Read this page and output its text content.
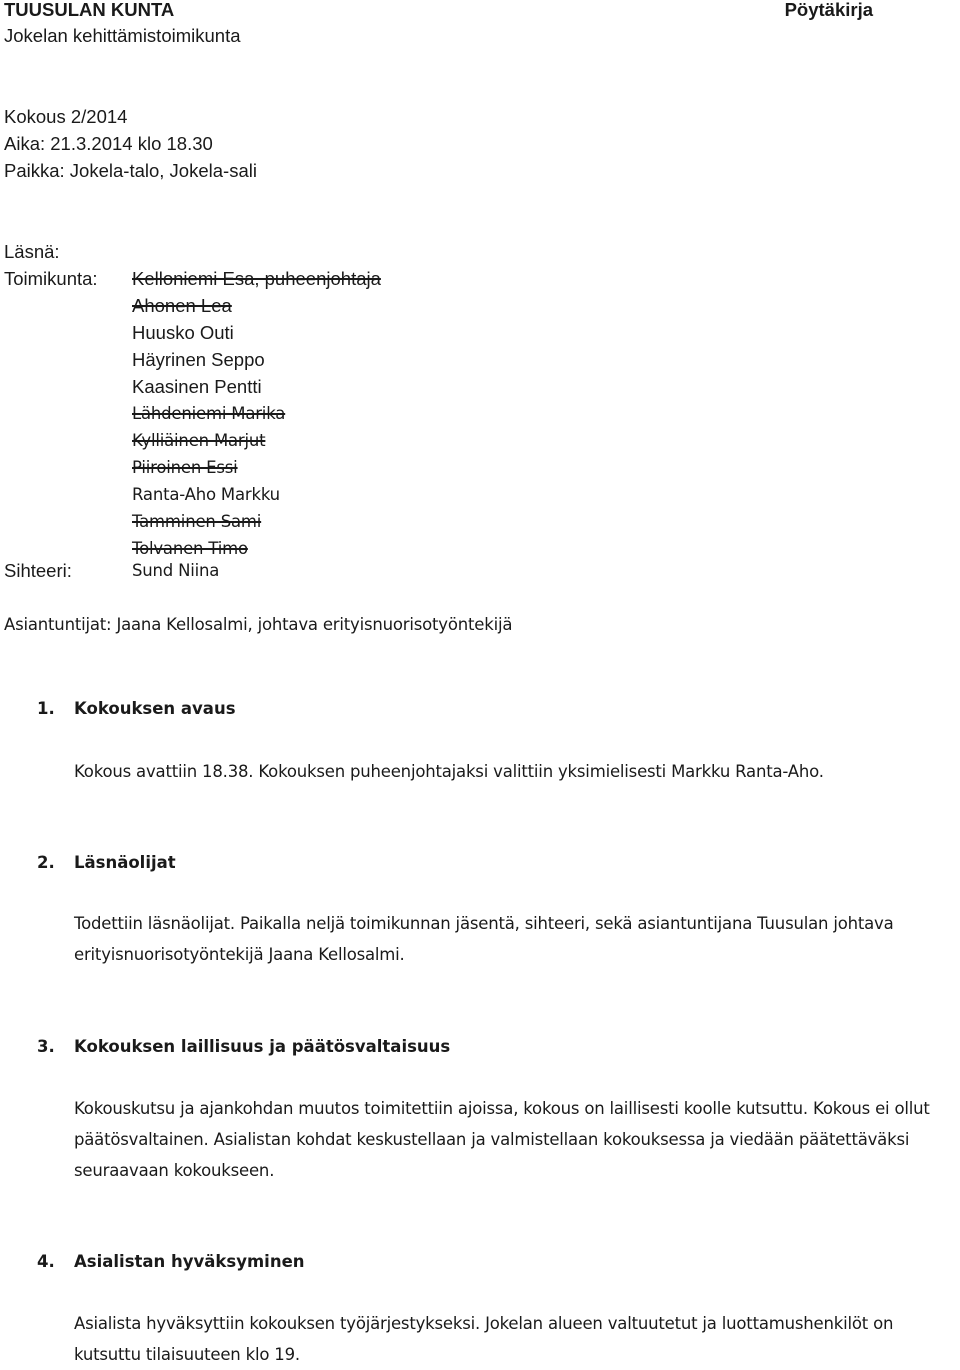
TUUSULAN KUNTA
Jokelan kehittämistoimikunta
Pöytäkirja
Kokous 2/2014
Aika: 21.3.2014 klo 18.30
Paikka: Jokela-talo, Jokela-sali
Läsnä:
Toimikunta: Kelloniemi Esa, puheenjohtaja
Ahonen Lea
Huusko Outi
Häyrinen Seppo
Kaasinen Pentti
Lähdeniemi Marika
Kylliäinen Marjut
Piiroinen Essi
Ranta-Aho Markku
Tamminen Sami
Tolvanen Timo
Sihteeri:	Sund Niina
Asiantuntijat: Jaana Kellosalmi, johtava erityisnuorisotyöntekijä
1. Kokouksen avaus
Kokous avattiin 18.38. Kokouksen puheenjohtajaksi valittiin yksimielisesti Markku Ranta-Aho.
2. Läsnäolijat
Todettiin läsnäolijat. Paikalla neljä toimikunnan jäsentä, sihteeri, sekä asiantuntijana Tuusulan johtava erityisnuorisotyöntekijä Jaana Kellosalmi.
3. Kokouksen laillisuus ja päätösvaltaisuus
Kokouskutsu ja ajankohdan muutos toimitettiin ajoissa, kokous on laillisesti koolle kutsuttu. Kokous ei ollut päätösvaltainen. Asialistan kohdat keskustellaan ja valmistellaan kokouksessa ja viedään päätettäväksi seuraavaan kokoukseen.
4. Asialistan hyväksyminen
Asialista hyväksyttiin kokouksen työjärjestykseksi. Jokelan alueen valtuutetut ja luottamushenkilöt on kutsuttu tilaisuuteen klo 19.
